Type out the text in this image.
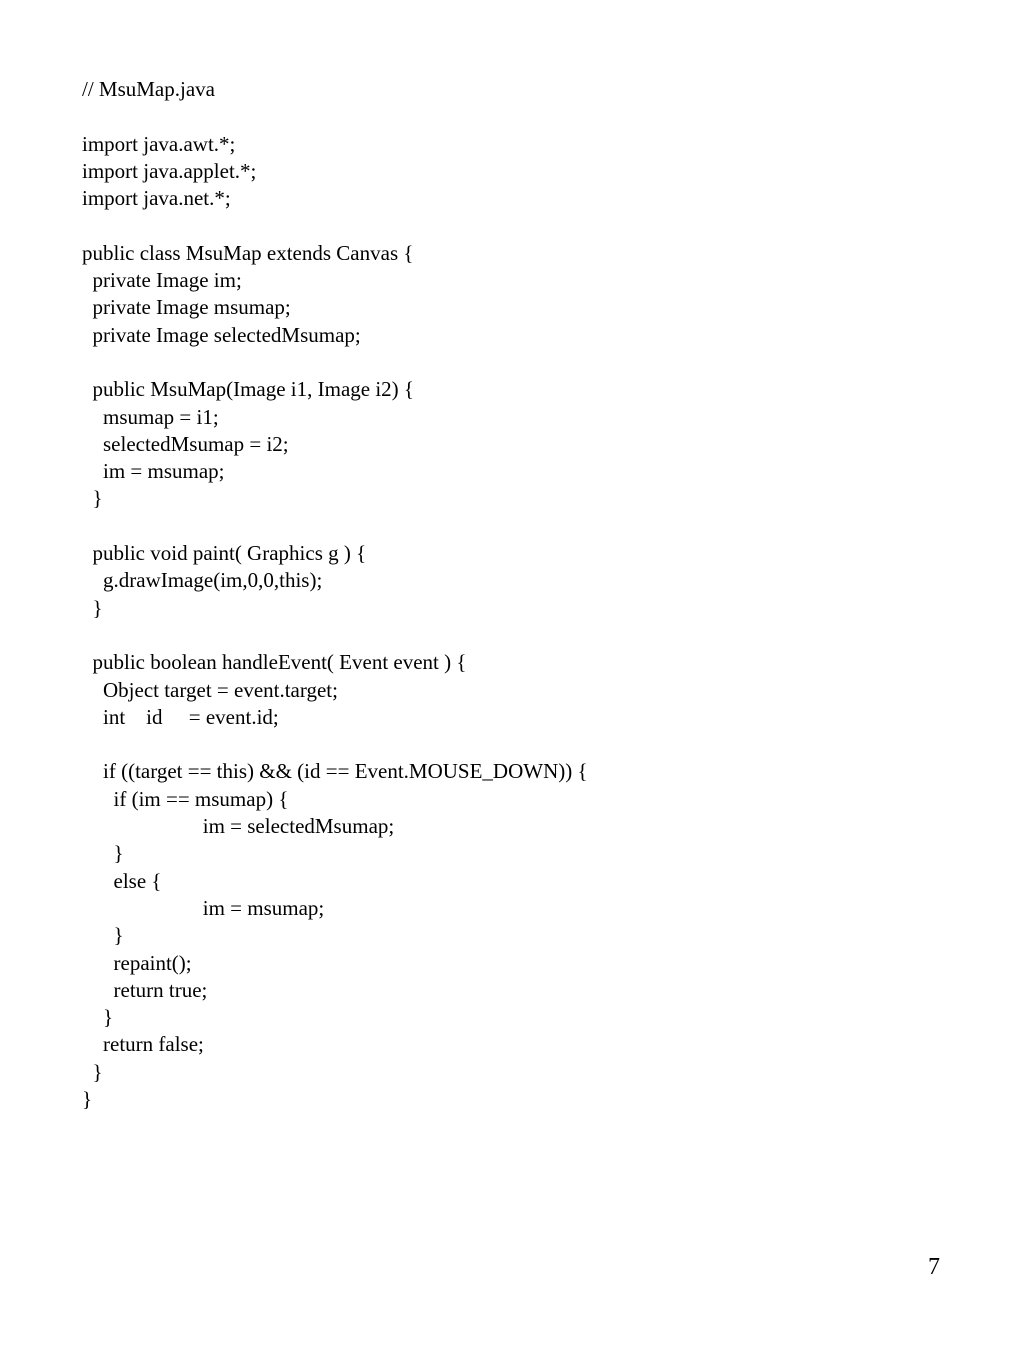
// MsuMap.java
import java.awt.*;
import java.applet.*;
import java.net.*;
public class MsuMap extends Canvas {
private Image im;
private Image msumap;
private Image selectedMsumap;
public MsuMap(Image i1, Image i2) {
msumap = i1;
selectedMsumap = i2;
im = msumap;
}
public void paint( Graphics g ) {
g.drawImage(im,0,0,this);
}
public boolean handleEvent( Event event ) {
Object target = event.target;
int    id     = event.id;
if ((target == this) && (id == Event.MOUSE_DOWN)) {
if (im == msumap) {
im = selectedMsumap;
}
else {
im = msumap;
}
repaint();
return true;
}
return false;
}
}
7
